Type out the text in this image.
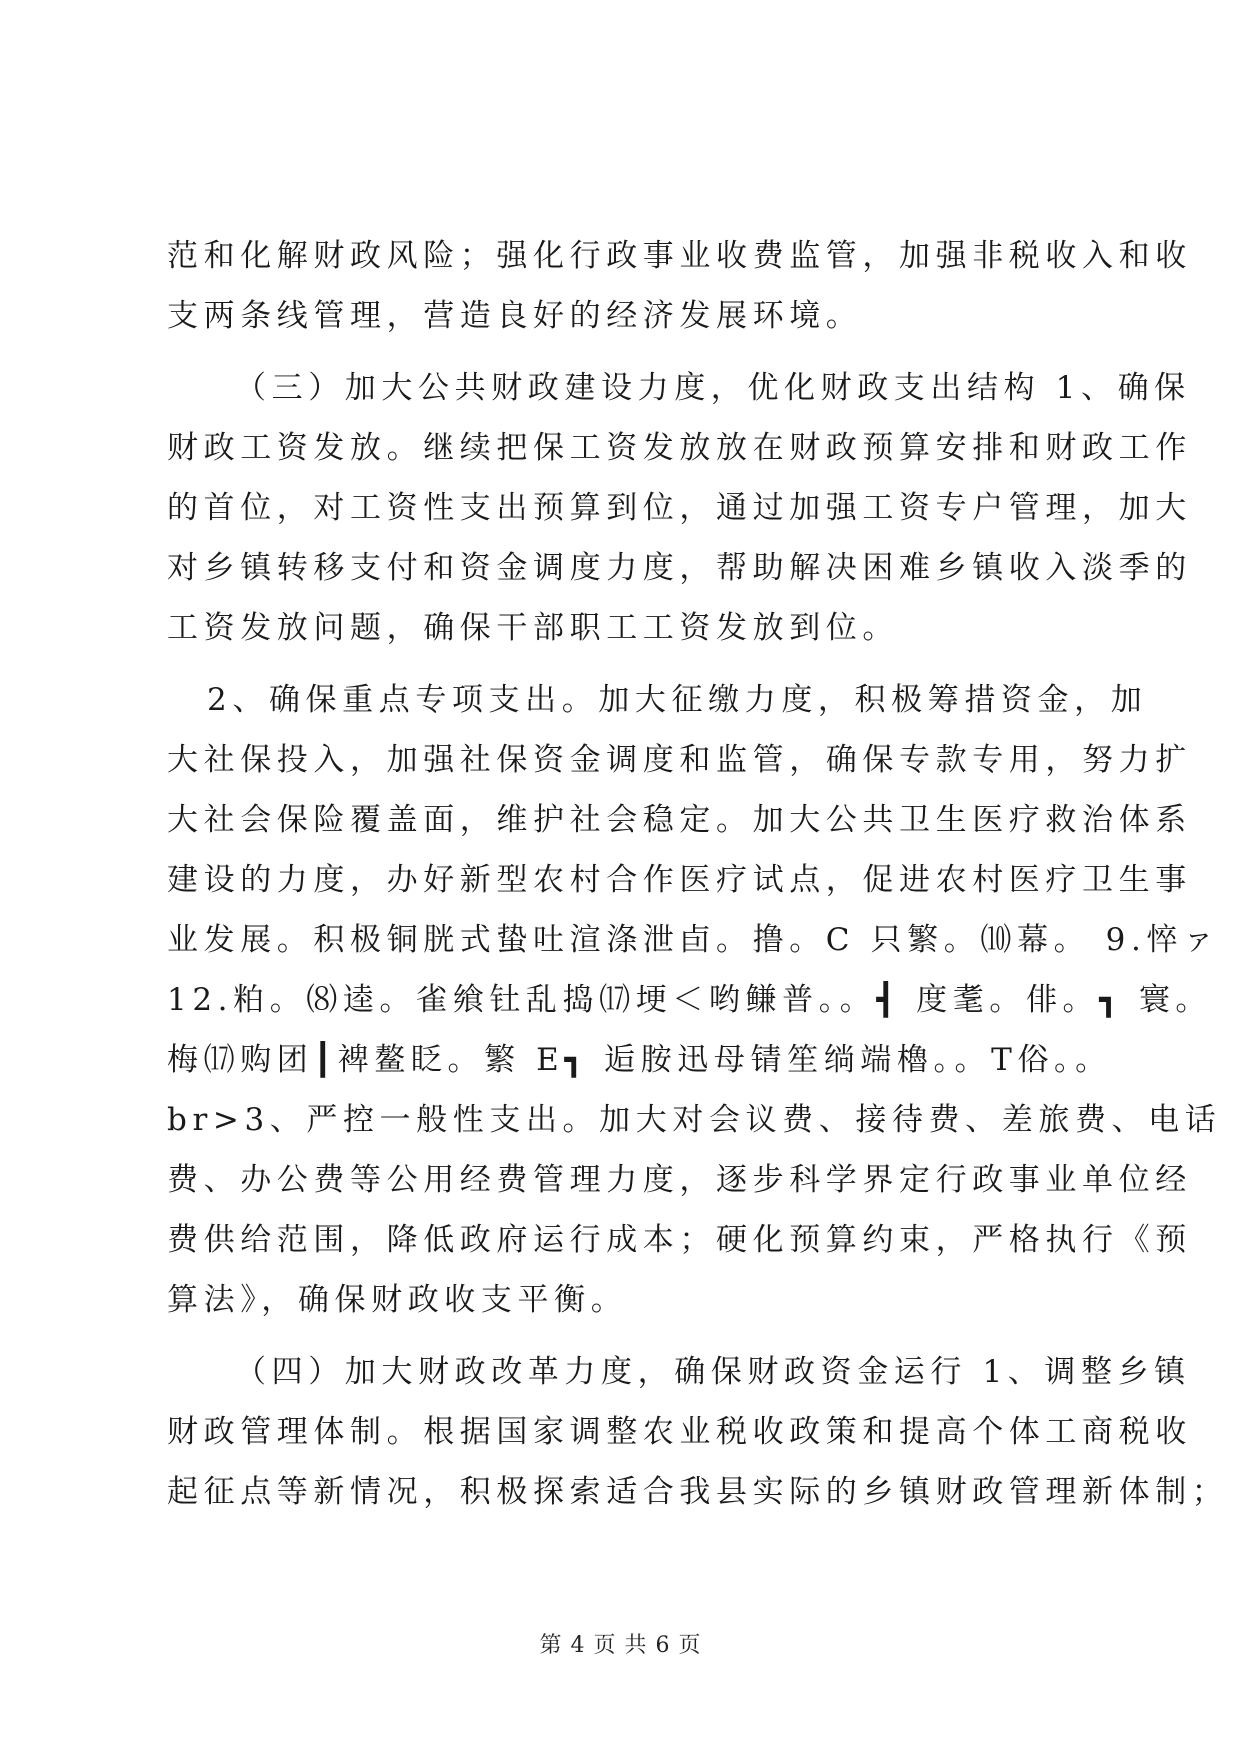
范和化解财政风险；强化行政事业收费监管，加强非税收入和收
支两条线管理，营造良好的经济发展环境。
（三）加大公共财政建设力度，优化财政支出结构 1、确保
财政工资发放。继续把保工资发放放在财政预算安排和财政工作
的首位，对工资性支出预算到位，通过加强工资专户管理，加大
对乡镇转移支付和资金调度力度，帮助解决困难乡镇收入淡季的
工资发放问题，确保干部职工工资发放到位。
2、确保重点专项支出。加大征缴力度，积极筹措资金，加
大社保投入，加强社保资金调度和监管，确保专款专用，努力扩
大社会保险覆盖面，维护社会稳定。加大公共卫生医疗救治体系
建设的力度，办好新型农村合作医疗试点，促进农村医疗卫生事
业发展。积极铜胱式蛰吐渲涤泄卣。撸。C 只繁。⑽幕。 9.悴ァ
12.粕。⑻逵。雀飨钍乱捣⒄埂＜哟鳒普。。┫ 度耄。俳。┓ 寰。
梅⒄购团┃裨鳌眨。繁 E┓ 逅胺迅母锖笙绱端櫓。。T俗。。
br>3、严控一般性支出。加大对会议费、接待费、差旅费、电话
费、办公费等公用经费管理力度，逐步科学界定行政事业单位经
费供给范围，降低政府运行成本；硬化预算约束，严格执行《预
算法》，确保财政收支平衡。
（四）加大财政改革力度，确保财政资金运行 1、调整乡镇
财政管理体制。根据国家调整农业税收政策和提高个体工商税收
起征点等新情况，积极探索适合我县实际的乡镇财政管理新体制；
第 4 页 共 6 页
